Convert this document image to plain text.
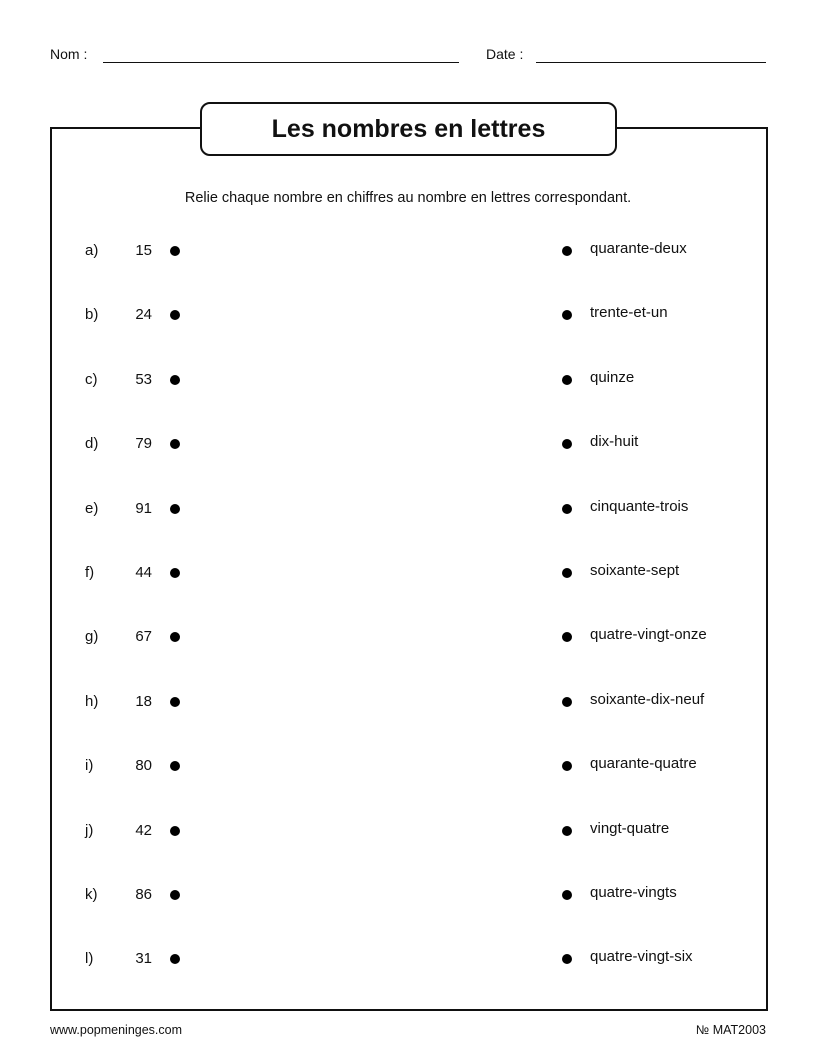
Nom :	Date :
Les nombres en lettres
Relie chaque nombre en chiffres au nombre en lettres correspondant.
a)	15	quarante-deux
b)	24	trente-et-un
c)	53	quinze
d)	79	dix-huit
e)	91	cinquante-trois
f)	44	soixante-sept
g)	67	quatre-vingt-onze
h)	18	soixante-dix-neuf
i)	80	quarante-quatre
j)	42	vingt-quatre
k)	86	quatre-vingts
l)	31	quatre-vingt-six
www.popmeninges.com	№ MAT2003
